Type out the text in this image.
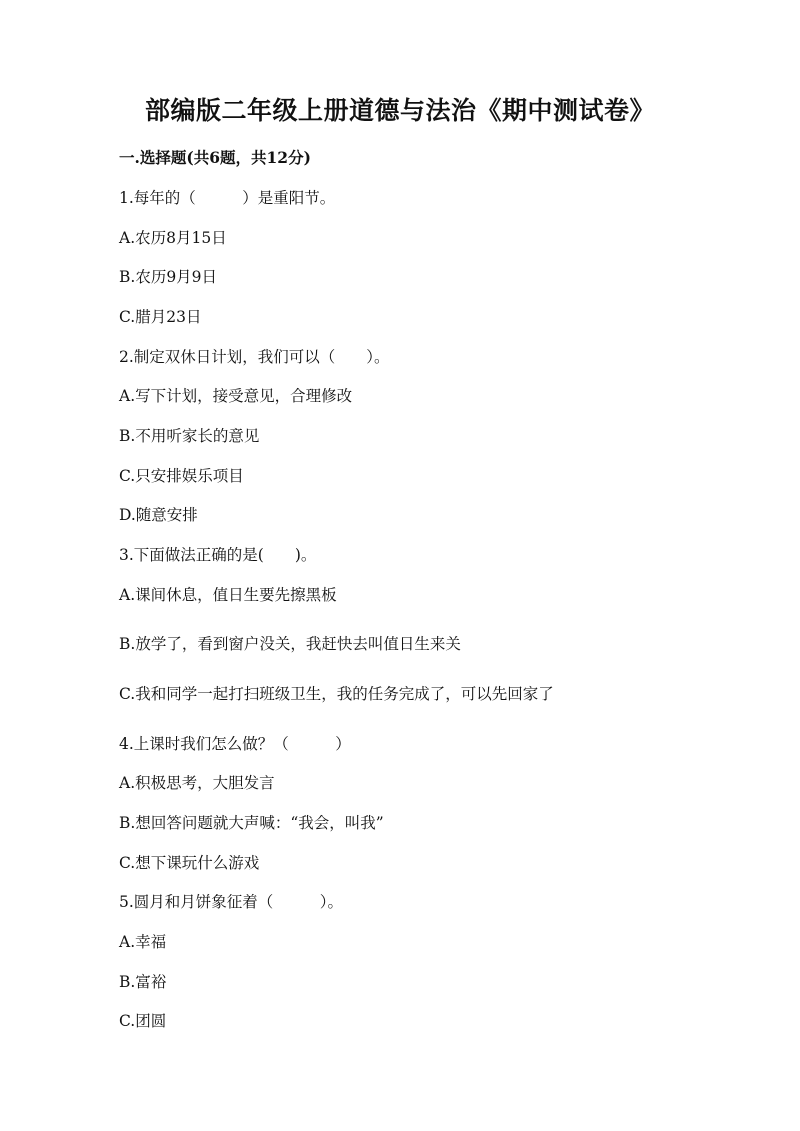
部编版二年级上册道德与法治《期中测试卷》
一.选择题(共6题，共12分)
1.每年的（　　　）是重阳节。
A.农历8月15日
B.农历9月9日
C.腊月23日
2.制定双休日计划，我们可以（　　）。
A.写下计划，接受意见，合理修改
B.不用听家长的意见
C.只安排娱乐项目
D.随意安排
3.下面做法正确的是(　　)。
A.课间休息，值日生要先擦黑板
B.放学了，看到窗户没关，我赶快去叫值日生来关
C.我和同学一起打扫班级卫生，我的任务完成了，可以先回家了
4.上课时我们怎么做？（　　　）
A.积极思考，大胆发言
B.想回答问题就大声喊：“我会，叫我”
C.想下课玩什么游戏
5.圆月和月饼象征着（　　　）。
A.幸福
B.富裕
C.团圆
